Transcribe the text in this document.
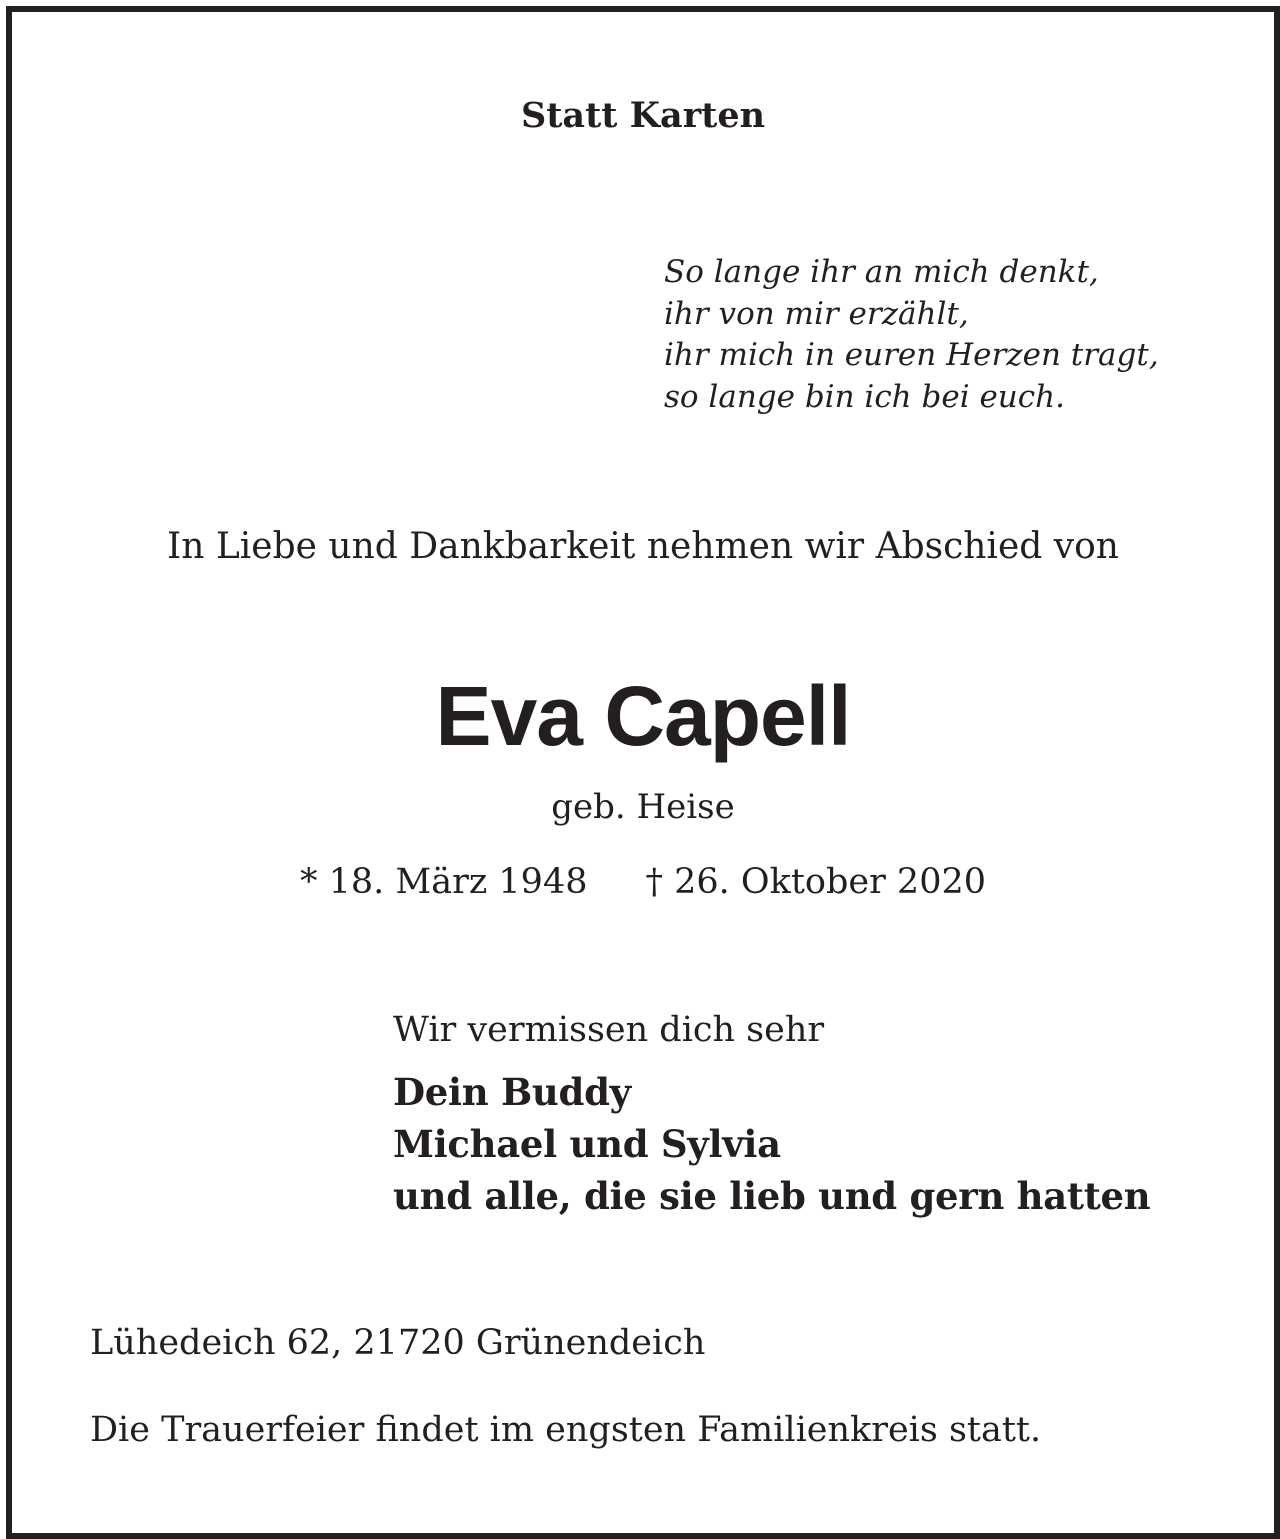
Statt Karten

So lange ihr an mich denkt,
ihr von mir erzählt,
ihr mich in euren Herzen tragt,
so lange bin ich bei euch.

In Liebe und Dankbarkeit nehmen wir Abschied von

Eva Capell

geb. Heise

* 18. März 1948 † 26. Oktober 2020

Wir vermissen dich sehr

Dein Buddy
Michael und Sylvia
und alle, die sie lieb und gern hatten

Lühedeich 62, 21720 Grünendeich

Die Trauerfeier findet im engsten Familienkreis statt.
